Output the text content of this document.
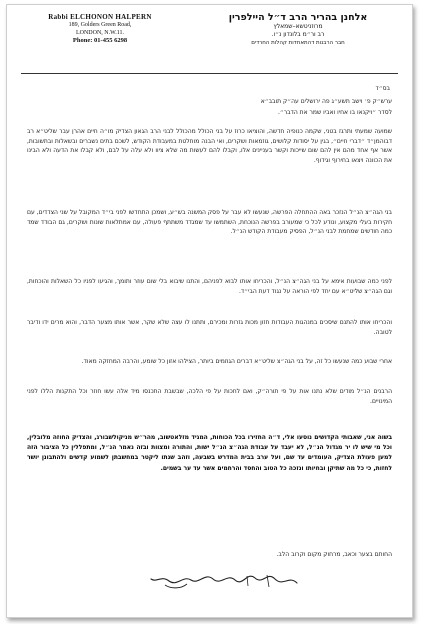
Rabbi ELCHONON HALPERN
189, Golders Green Road,
LONDON, N.W.11.
Phone: 01-455 6298
אלחנן בהריר הרב ד״ל היילפרין
מרוזניטשא–שמאלץ
רב ור״מ בלונדון נ״ו.
חבר הרבנות דהתאחדות קהלות החרדים
בס״ד
ערש״ק פ׳ וישב תשע״ג פה ירושלים עה״ק תובב״א
לסדר ״ויקנאו בו אחיו ואביו שמר את הדבר״.
שמועה שמעתי ותרגז בטני, שקמה כנופיה חדשה, והוציאו כרוז על בני הכולל מהכולל לבני הרב הגאון הצדיק מו״ה חיים אהרן עבר שליט״א רב דבוהמן״ד ״דברי חיים״, בגין על יסודות קלושים, גוזמאות ושקרים, ואי הבנה מוחלטת במעבודת הקודש, לשכם בתים נשברים ובשאלות ובתשובות, אשר אף אחד מהם אין להם שום שייכות וקשר בעניינים אלו, וקבלו להם לעשות מה שלא ציוו ולא עלה על לבם, ולא קבלו את הדעה ולא הבינו את הכוונה ויצאו בחירוף וגידוף.
בני הגה״צ הנ״ל הנזכר באה ההתחלה הפרשה, שנעשו לא עבר על פסק המשנה בש״ע, ושמכן התחדשו לפני בי״ד המקובל על שני הצדדים, עם חקירות בעלי מקצוע, ונודע לכל כי שמעורב בפרשה הנוכחת, השתמשו עד שמגדד משתתף פעולה, עם אמתלאות שונות ושקרים, גם הבודד שמד כמה חודשים שמחמת לבני הנ״ל, הפסיק מעבודת הקודש הנ״ל.
לפני כמה שבועות אימא על בני הגה״צ הנ״ל, והכריחו אותו לבוא לפניהם, והתנו שיבוא בלי שום עוזר ותומך, והגיעו לפניו כל השאלות והוכחות, וגם הגה״צ שליט״א עם יחד לפי הוראה על נגוד דעת הבי״ד.
והכריחו אותו להתנם שיסכים במנהגות העבודות חזון מכות גזרות ומכירם, ותתנו לו עצה שלא שקר, אשר אותו מצער הדבר, והוא מרים ידו ודיבר לטובה.
אחרי שבוע כמה שנעשו כל זה, על בני הגה״צ שליט״א דברים הגוזמים ביותר, הצילהו אזון כל שומע, והרבה המחזקה מאוד.
הרבנים הנ״ל מודים שלא נתנו אות על פי תורה״ק, ואם לחכות על פי הלכה, שבשבת התכנסו מיד אלה עשו חוזר וכל התקנות הללו לפני המינויים.
בשוה אני, שאבותי הקדושים נוסעו אלי, ד״ה החזירו בכל הכוחות, המגיד מזלאטשוב, מהר״ש מניקולשבורג, והצדיק החוזה מלובלין, וכל מי שיש לו יר מגדול הנ״ל, לא יעבד על עבודת הגה״צ הנ״ל ישות, והתורה ומצוות ובזה נאמר הנ״ל, ומתפללין כל הציבור הזה למען פעולת הצדיק, העומדים עד שם, ועל ערב בבית המדרש בשבעה, וזהב שנתו ליקטר במחשבתן לשמוע קדשים ולהתבונן יושר לחזות, כי כל מה שתיקן ובחיותו ונזכה כל הטוב והחסד והרחמים אשר עד ער בשמים.
החותם בצער וכאב, מרחוק מקום וקרוב הלב.
